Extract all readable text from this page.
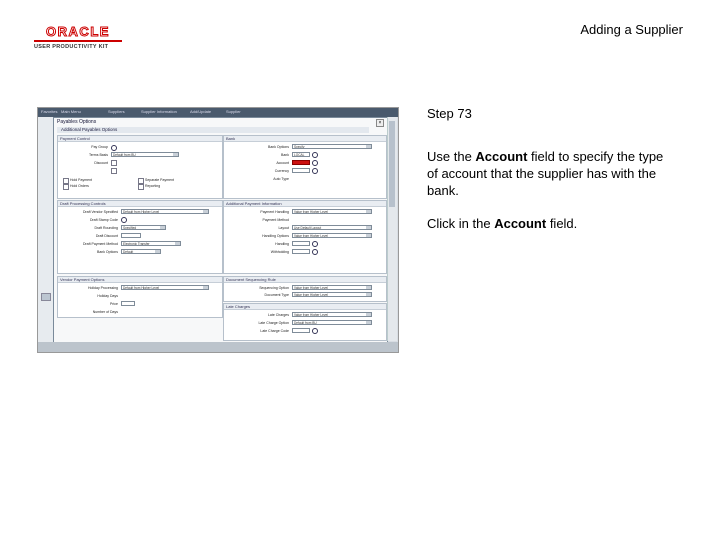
ORACLE
USER PRODUCTIVITY KIT
Adding a Supplier
Favorites Main Menu	Suppliers	Supplier Information	Add/Update	Supplier
Payables Options	×
Additional Payables Options
Payment Control
Pay Group
Terms Basis	Default from BU
Discount
Hold Payment
Hold Orders
Separate Payment
Reporting
Bank
Bank Options	Specify
Bank	LOCAL
Account
Currency
Auto Type
Draft Processing Controls
Draft Vendor Specified	Default from Higher Level
Draft Stamp Code
Draft Rounding	Specified
Draft Discount
Draft Payment Method	Electronic Transfer
Bank Options	Default
Additional Payment Information
Payment Handling	Value from Higher Level
Payment Method
Layout	Use Default Layout
Handling Options	Value from Higher Level
Handling
Withholding
Vendor Payment Options
Holiday Processing	Default from Higher Level
Holiday Days
Price
Number of Days
Document Sequencing Rule
Sequencing Option	Value from Higher Level
Document Type	Value from Higher Level
Late Charges
Late Charges	Value from Higher Level
Late Charge Option	Default from BU
Late Charge Code
Step 73
Use the Account field to specify the type of account that the supplier has with the bank.
Click in the Account field.
